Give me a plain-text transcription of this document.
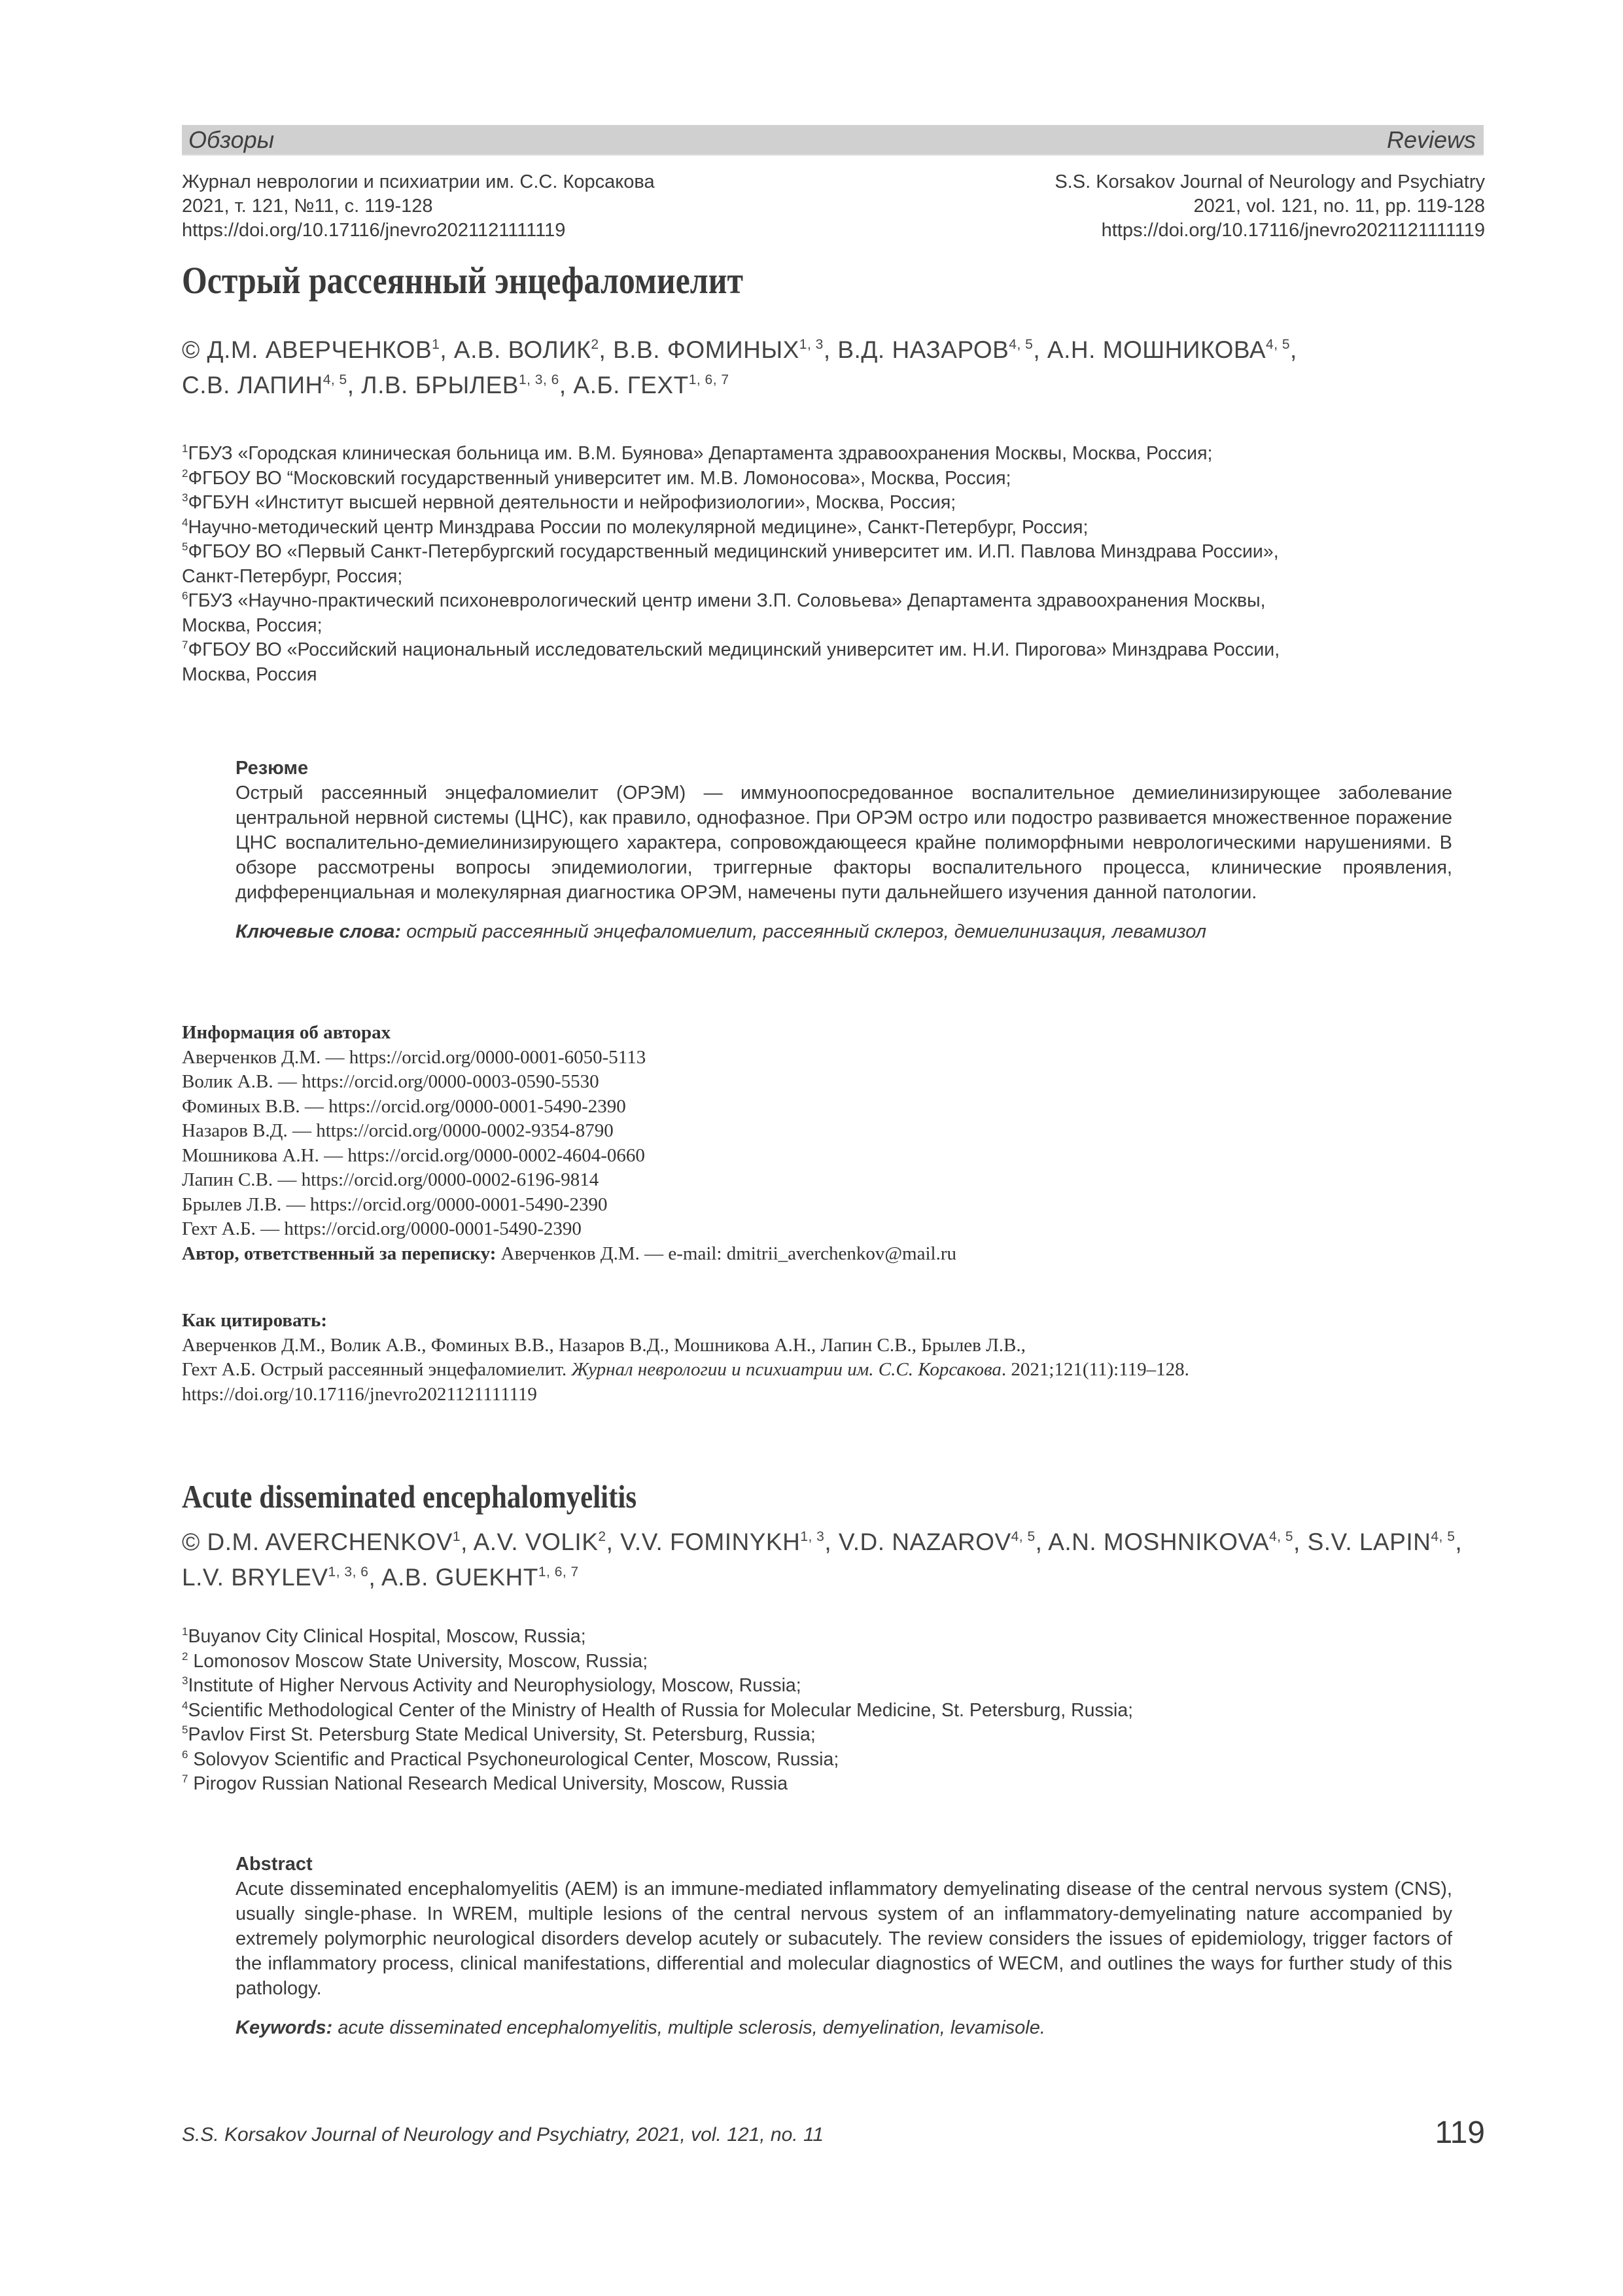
Обзоры	Reviews
Журнал неврологии и психиатрии им. С.С. Корсакова
2021, т. 121, №11, с. 119-128
https://doi.org/10.17116/jnevro2021121111119
S.S. Korsakov Journal of Neurology and Psychiatry
2021, vol. 121, no. 11, pp. 119-128
https://doi.org/10.17116/jnevro2021121111119
Острый рассеянный энцефаломиелит
© Д.М. АВЕРЧЕНКОВ$^1$, А.В. ВОЛИК$^2$, В.В. ФОМИНЫХ$^{1, 3}$, В.Д. НАЗАРОВ$^{4, 5}$, А.Н. МОШНИКОВА$^{4, 5}$,
С.В. ЛАПИН$^{4, 5}$, Л.В. БРЫЛЕВ$^{1, 3, 6}$, А.Б. ГЕХТ$^{1, 6, 7}$
$^1$ГБУЗ «Городская клиническая больница им. В.М. Буянова» Департамента здравоохранения Москвы, Москва, Россия;
$^2$ФГБОУ ВО “Московский государственный университет им. М.В. Ломоносова», Москва, Россия;
$^3$ФГБУН «Институт высшей нервной деятельности и нейрофизиологии», Москва, Россия;
$^4$Научно-методический центр Минздрава России по молекулярной медицине», Санкт-Петербург, Россия;
$^5$ФГБОУ ВО «Первый Санкт-Петербургский государственный медицинский университет им. И.П. Павлова Минздрава России»,
Санкт-Петербург, Россия;
$^6$ГБУЗ «Научно-практический психоневрологический центр имени З.П. Соловьева» Департамента здравоохранения Москвы,
Москва, Россия;
$^7$ФГБОУ ВО «Российский национальный исследовательский медицинский университет им. Н.И. Пирогова» Минздрава России,
Москва, Россия
Резюме
Острый рассеянный энцефаломиелит (ОРЭМ) — иммуноопосредованное воспалительное демиелинизирующее заболевание центральной нервной системы (ЦНС), как правило, однофазное. При ОРЭМ остро или подостро развивается множественное поражение ЦНС воспалительно-демиелинизирующего характера, сопровождающееся крайне полиморфными неврологическими нарушениями. В обзоре рассмотрены вопросы эпидемиологии, триггерные факторы воспалительного процесса, клинические проявления, дифференциальная и молекулярная диагностика ОРЭМ, намечены пути дальнейшего изучения данной патологии.
Ключевые слова: острый рассеянный энцефаломиелит, рассеянный склероз, демиелинизация, левамизол
Информация об авторах
Аверченков Д.М. — https://orcid.org/0000-0001-6050-5113
Волик А.В. — https://orcid.org/0000-0003-0590-5530
Фоминых В.В. — https://orcid.org/0000-0001-5490-2390
Назаров В.Д. — https://orcid.org/0000-0002-9354-8790
Мошникова А.Н. — https://orcid.org/0000-0002-4604-0660
Лапин С.В. — https://orcid.org/0000-0002-6196-9814
Брылев Л.В. — https://orcid.org/0000-0001-5490-2390
Гехт А.Б. — https://orcid.org/0000-0001-5490-2390
Автор, ответственный за переписку: Аверченков Д.М. — e-mail: dmitrii_averchenkov@mail.ru
Как цитировать:
Аверченков Д.М., Волик А.В., Фоминых В.В., Назаров В.Д., Мошникова А.Н., Лапин С.В., Брылев Л.В.,
Гехт А.Б. Острый рассеянный энцефаломиелит. Журнал неврологии и психиатрии им. С.С. Корсакова. 2021;121(11):119–128.
https://doi.org/10.17116/jnevro2021121111119
Acute disseminated encephalomyelitis
© D.M. AVERCHENKOV$^1$, A.V. VOLIK$^2$, V.V. FOMINYKH$^{1, 3}$, V.D. NAZAROV$^{4, 5}$, A.N. MOSHNIKOVA$^{4, 5}$, S.V. LAPIN$^{4, 5}$,
L.V. BRYLEV$^{1, 3, 6}$, A.B. GUEKHT$^{1, 6, 7}$
$^1$Buyanov City Clinical Hospital, Moscow, Russia;
$^2$ Lomonosov Moscow State University, Moscow, Russia;
$^3$Institute of Higher Nervous Activity and Neurophysiology, Moscow, Russia;
$^4$Scientific Methodological Center of the Ministry of Health of Russia for Molecular Medicine, St. Petersburg, Russia;
$^5$Pavlov First St. Petersburg State Medical University, St. Petersburg, Russia;
$^6$ Solovyov Scientific and Practical Psychoneurological Center, Moscow, Russia;
$^7$ Pirogov Russian National Research Medical University, Moscow, Russia
Abstract
Acute disseminated encephalomyelitis (AEM) is an immune-mediated inflammatory demyelinating disease of the central nervous system (CNS), usually single-phase. In WREM, multiple lesions of the central nervous system of an inflammatory-demyelinating nature accompanied by extremely polymorphic neurological disorders develop acutely or subacutely. The review considers the issues of epidemiology, trigger factors of the inflammatory process, clinical manifestations, differential and molecular diagnostics of WECM, and outlines the ways for further study of this pathology.
Keywords: acute disseminated encephalomyelitis, multiple sclerosis, demyelination, levamisole.
S.S. Korsakov Journal of Neurology and Psychiatry, 2021, vol. 121, no. 11	119
